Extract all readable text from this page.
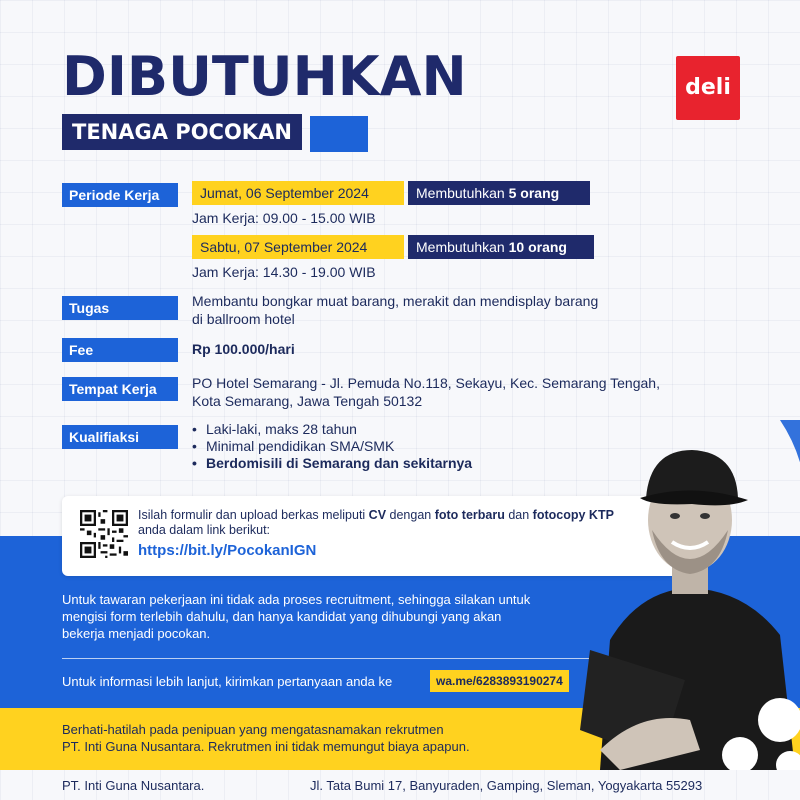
DIBUTUHKAN
TENAGA POCOKAN
deli
Periode Kerja	Jumat, 06 September 2024	Membutuhkan 5 orang
Jam Kerja: 09.00 - 15.00 WIB
Sabtu, 07 September 2024	Membutuhkan 10 orang
Jam Kerja: 14.30 - 19.00 WIB
Tugas	Membantu bongkar muat barang, merakit dan mendisplay barang
di ballroom hotel
Fee	Rp 100.000/hari
Tempat Kerja	PO Hotel Semarang - Jl. Pemuda No.118, Sekayu, Kec. Semarang Tengah,
Kota Semarang, Jawa Tengah 50132
Kualifiaksi
•	Laki-laki, maks 28 tahun
• Minimal pendidikan SMA/SMK
• Berdomisili di Semarang dan sekitarnya
Isilah formulir dan upload berkas meliputi CV dengan foto terbaru dan fotocopy KTP
anda dalam link berikut:
https://bit.ly/PocokanIGN
Untuk tawaran pekerjaan ini tidak ada proses recruitment, sehingga silakan untuk
mengisi form terlebih dahulu, dan hanya kandidat yang dihubungi yang akan
bekerja menjadi pocokan.
Untuk informasi lebih lanjut, kirimkan pertanyaan anda ke	wa.me/6283893190274
Berhati-hatilah pada penipuan yang mengatasnamakan rekrutmen
PT. Inti Guna Nusantara. Rekrutmen ini tidak memungut biaya apapun.
PT. Inti Guna Nusantara.	Jl. Tata Bumi 17, Banyuraden, Gamping, Sleman, Yogyakarta 55293
